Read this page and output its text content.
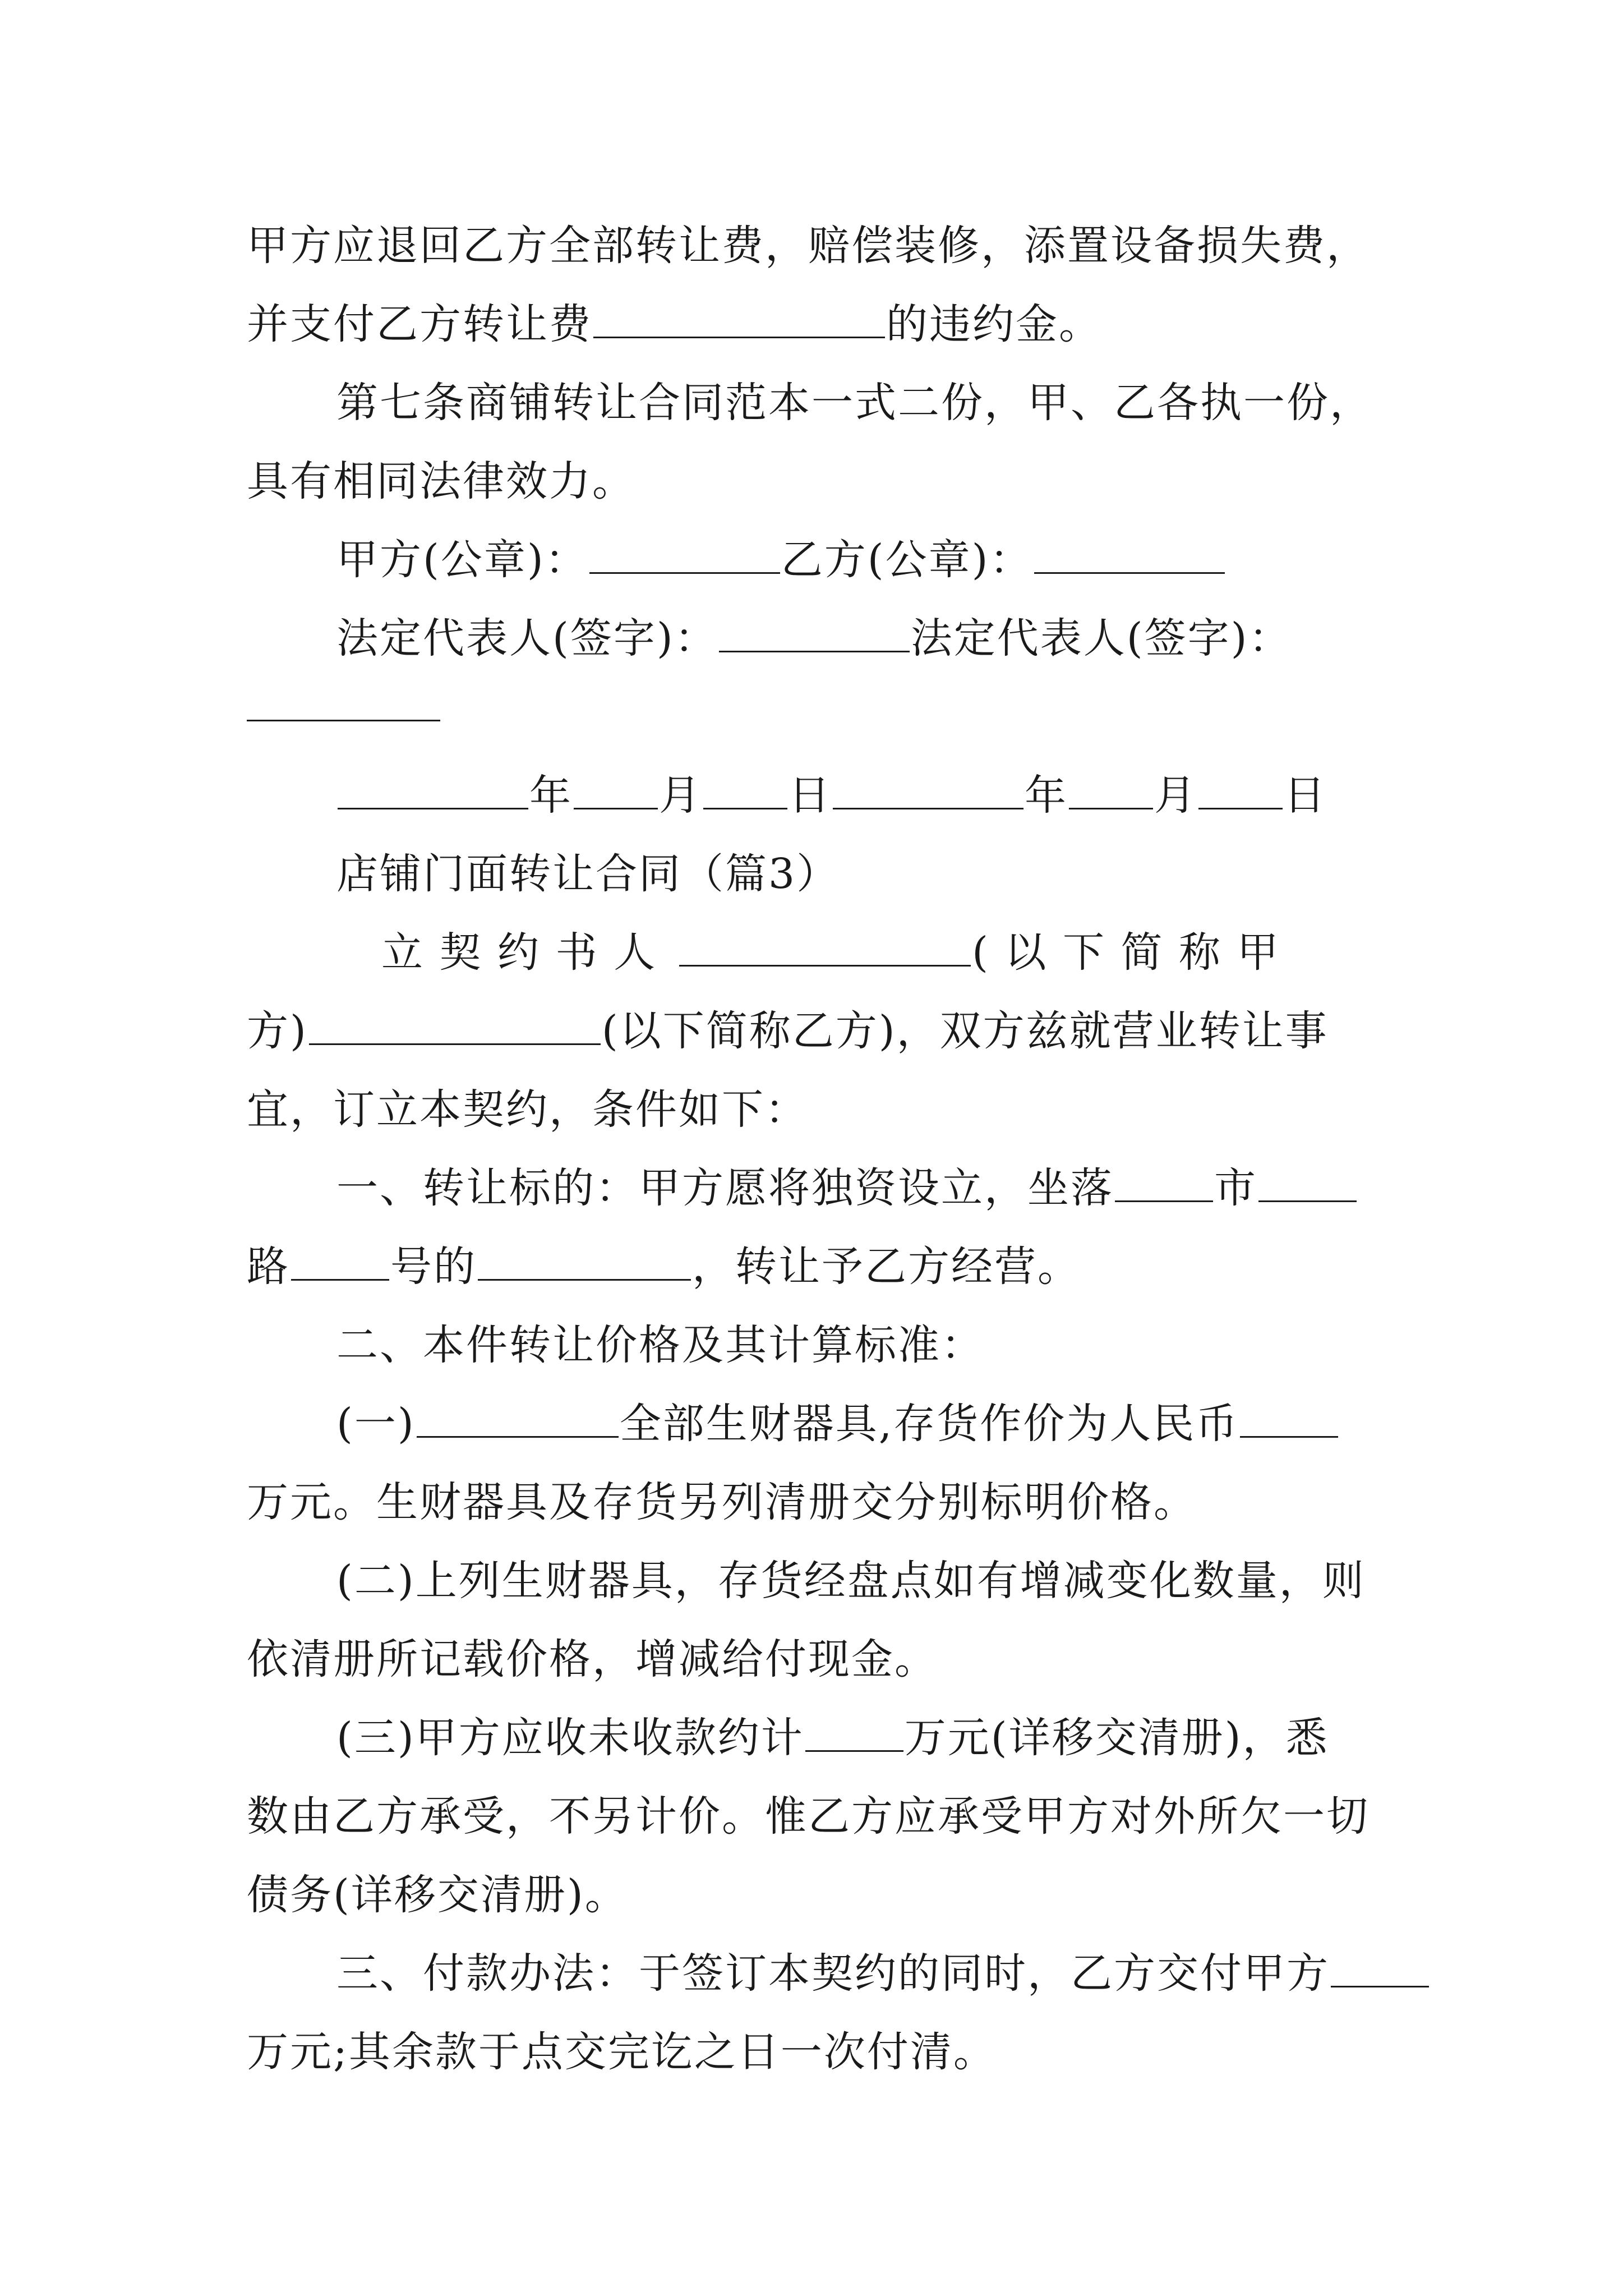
甲方应退回乙方全部转让费，赔偿装修，添置设备损失费，
并支付乙方转让费	的违约金。
第七条商铺转让合同范本一式二份，甲、乙各执一份，
具有相同法律效力。
甲方(公章)：	乙方(公章)：
法定代表人(签字)：	法定代表人(签字)：
年 月 日	年 月 日
店铺门面转让合同（篇3）
立 契 约 书 人	( 以 下 简 称 甲
方)	(以下简称乙方)，双方兹就营业转让事
宜，订立本契约，条件如下：
一、转让标的：甲方愿将独资设立，坐落 市
路 号的	，转让予乙方经营。
二、本件转让价格及其计算标准：
(一)	全部生财器具,存货作价为人民币
万元。生财器具及存货另列清册交分别标明价格。
(二)上列生财器具，存货经盘点如有增减变化数量，则
依清册所记载价格，增减给付现金。
(三)甲方应收未收款约计 万元(详移交清册)，悉
数由乙方承受，不另计价。惟乙方应承受甲方对外所欠一切
债务(详移交清册)。
三、付款办法：于签订本契约的同时，乙方交付甲方
万元;其余款于点交完讫之日一次付清。
